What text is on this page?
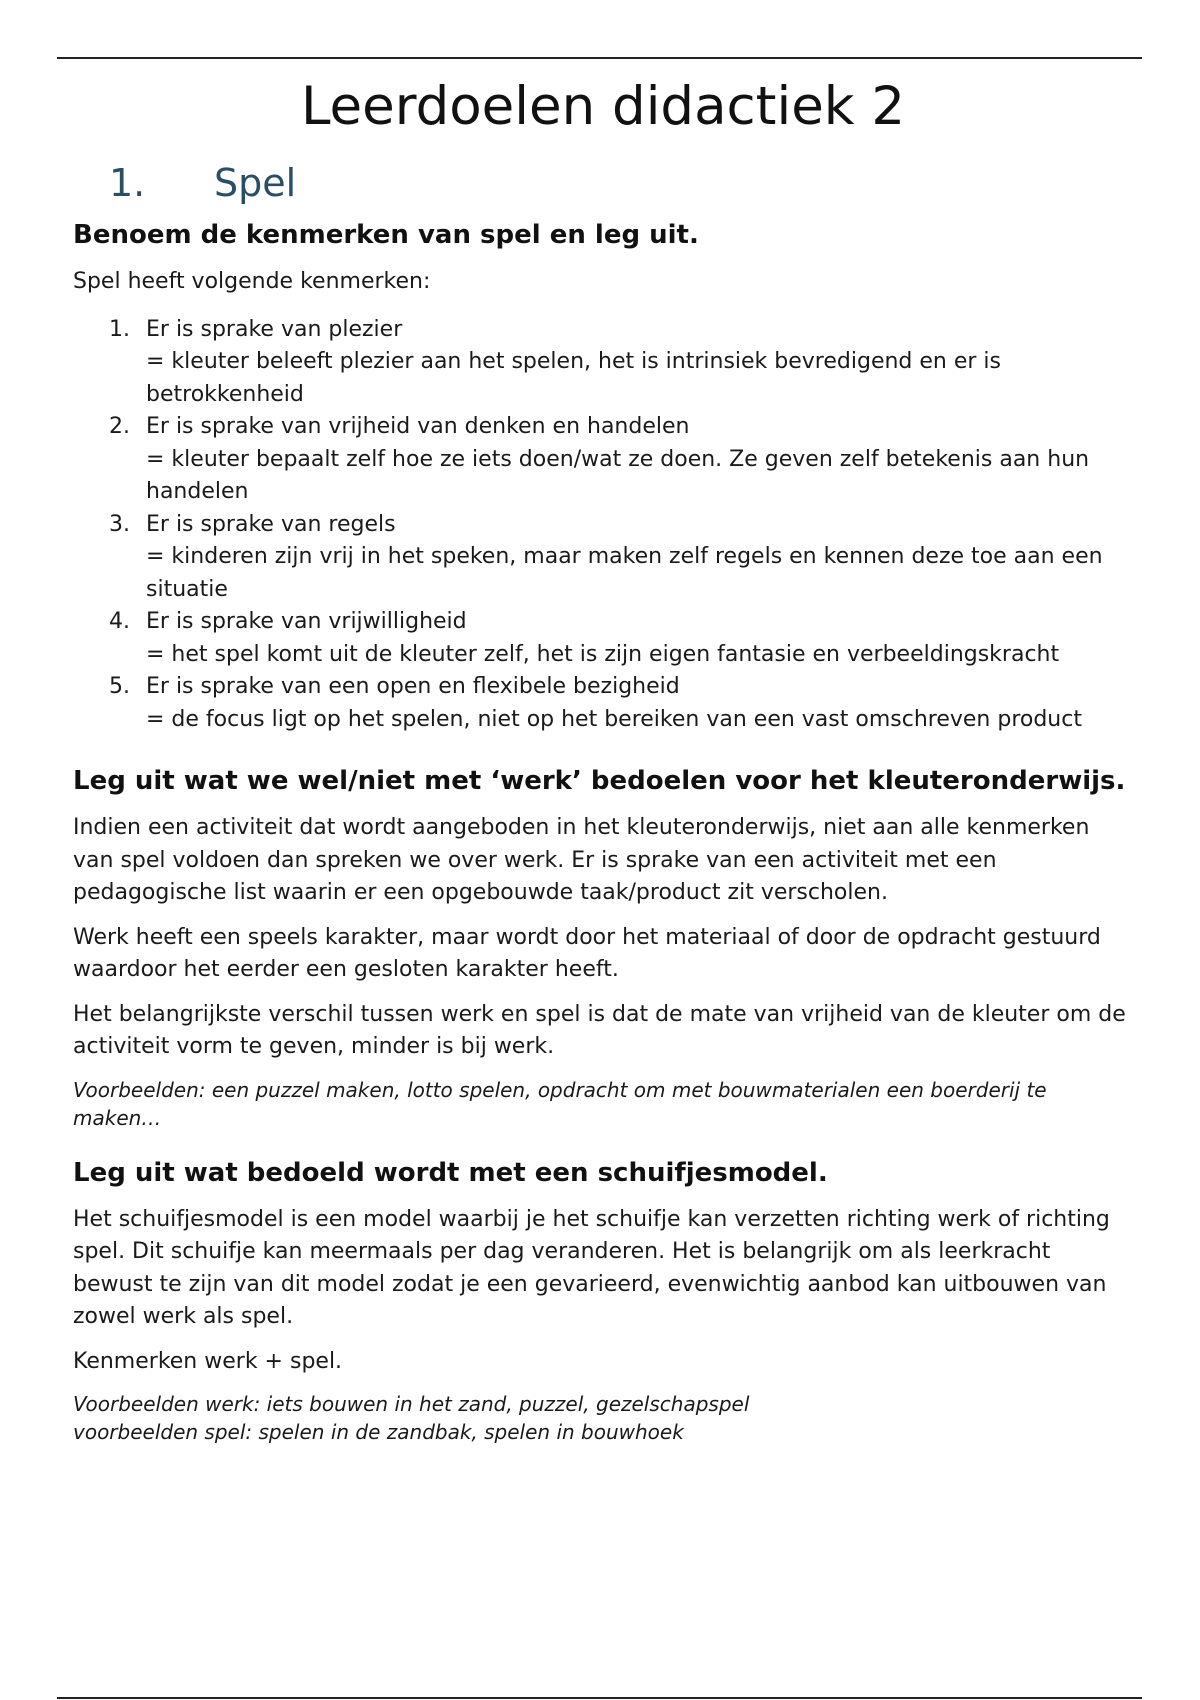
Leerdoelen didactiek 2
1. Spel
Benoem de kenmerken van spel en leg uit.

Spel heeft volgende kenmerken:

1. Er is sprake van plezier
= kleuter beleeft plezier aan het spelen, het is intrinsiek bevredigend en er is betrokkenheid
2. Er is sprake van vrijheid van denken en handelen
= kleuter bepaalt zelf hoe ze iets doen/wat ze doen. Ze geven zelf betekenis aan hun handelen
3. Er is sprake van regels
= kinderen zijn vrij in het speken, maar maken zelf regels en kennen deze toe aan een situatie
4. Er is sprake van vrijwilligheid
= het spel komt uit de kleuter zelf, het is zijn eigen fantasie en verbeeldingskracht
5. Er is sprake van een open en flexibele bezigheid
= de focus ligt op het spelen, niet op het bereiken van een vast omschreven product
Leg uit wat we wel/niet met ‘werk’ bedoelen voor het kleuteronderwijs.

Indien een activiteit dat wordt aangeboden in het kleuteronderwijs, niet aan alle kenmerken van spel voldoen dan spreken we over werk. Er is sprake van een activiteit met een pedagogische list waarin er een opgebouwde taak/product zit verscholen.

Werk heeft een speels karakter, maar wordt door het materiaal of door de opdracht gestuurd waardoor het eerder een gesloten karakter heeft.

Het belangrijkste verschil tussen werk en spel is dat de mate van vrijheid van de kleuter om de activiteit vorm te geven, minder is bij werk.

Voorbeelden: een puzzel maken, lotto spelen, opdracht om met bouwmaterialen een boerderij te maken…

Leg uit wat bedoeld wordt met een schuifjesmodel.

Het schuifjesmodel is een model waarbij je het schuifje kan verzetten richting werk of richting spel. Dit schuifje kan meermaals per dag veranderen. Het is belangrijk om als leerkracht bewust te zijn van dit model zodat je een gevarieerd, evenwichtig aanbod kan uitbouwen van zowel werk als spel.

Kenmerken werk + spel.

Voorbeelden werk: iets bouwen in het zand, puzzel, gezelschapspel

voorbeelden spel: spelen in de zandbak, spelen in bouwhoek
